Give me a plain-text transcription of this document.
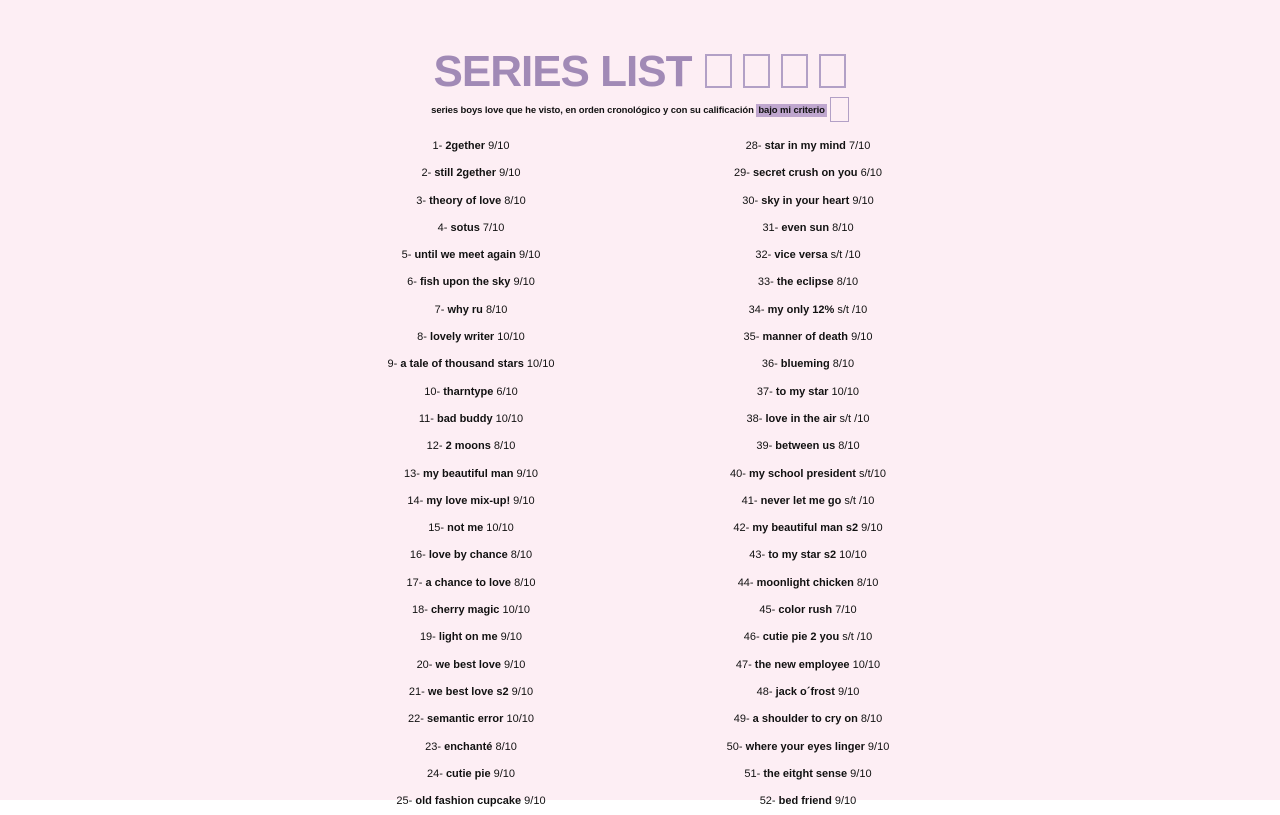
SERIES LIST
series boys love que he visto, en orden cronológico y con su calificación bajo mi criterio
1- 2gether 9/10
2- still 2gether 9/10
3- theory of love 8/10
4- sotus 7/10
5- until we meet again 9/10
6- fish upon the sky 9/10
7- why ru 8/10
8- lovely writer 10/10
9- a tale of thousand stars 10/10
10- tharntype 6/10
11- bad buddy 10/10
12- 2 moons 8/10
13- my beautiful man 9/10
14- my love mix-up! 9/10
15- not me 10/10
16- love by chance 8/10
17- a chance to love 8/10
18- cherry magic 10/10
19- light on me 9/10
20- we best love 9/10
21- we best love s2 9/10
22- semantic error 10/10
23- enchanté 8/10
24- cutie pie 9/10
25- old fashion cupcake 9/10
28- star in my mind 7/10
29- secret crush on you 6/10
30- sky in your heart 9/10
31- even sun 8/10
32- vice versa s/t /10
33- the eclipse 8/10
34- my only 12% s/t /10
35- manner of death 9/10
36- blueming 8/10
37- to my star 10/10
38- love in the air s/t /10
39- between us 8/10
40- my school president s/t/10
41- never let me go s/t /10
42- my beautiful man s2 9/10
43- to my star s2 10/10
44- moonlight chicken 8/10
45- color rush 7/10
46- cutie pie 2 you s/t /10
47- the new employee 10/10
48- jack o´frost 9/10
49- a shoulder to cry on 8/10
50- where your eyes linger 9/10
51- the eitght sense 9/10
52- bed friend 9/10
